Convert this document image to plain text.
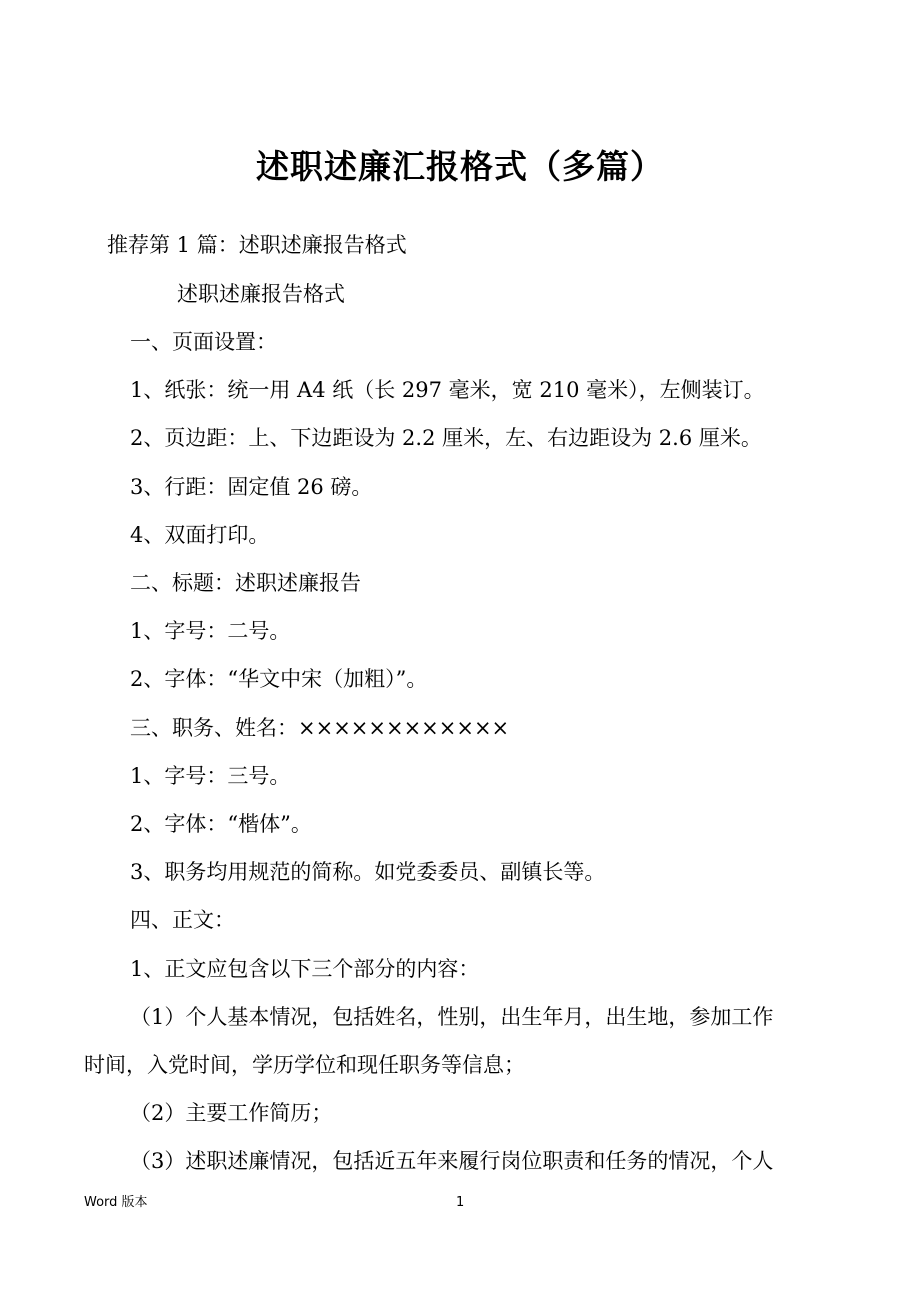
述职述廉汇报格式（多篇）
推荐第 1 篇：述职述廉报告格式
述职述廉报告格式
一、页面设置：
1、纸张：统一用 A4 纸（长 297 毫米，宽 210 毫米），左侧装订。
2、页边距：上、下边距设为 2.2 厘米，左、右边距设为 2.6 厘米。
3、行距：固定值 26 磅。
4、双面打印。
二、标题：述职述廉报告
1、字号：二号。
2、字体：“华文中宋（加粗）”。
三、职务、姓名：××××××××××××
1、字号：三号。
2、字体：“楷体”。
3、职务均用规范的简称。如党委委员、副镇长等。
四、正文：
1、正文应包含以下三个部分的内容：
（1）个人基本情况，包括姓名，性别，出生年月，出生地，参加工作
时间，入党时间，学历学位和现任职务等信息；
（2）主要工作简历；
（3）述职述廉情况，包括近五年来履行岗位职责和任务的情况，个人
Word 版本	1
